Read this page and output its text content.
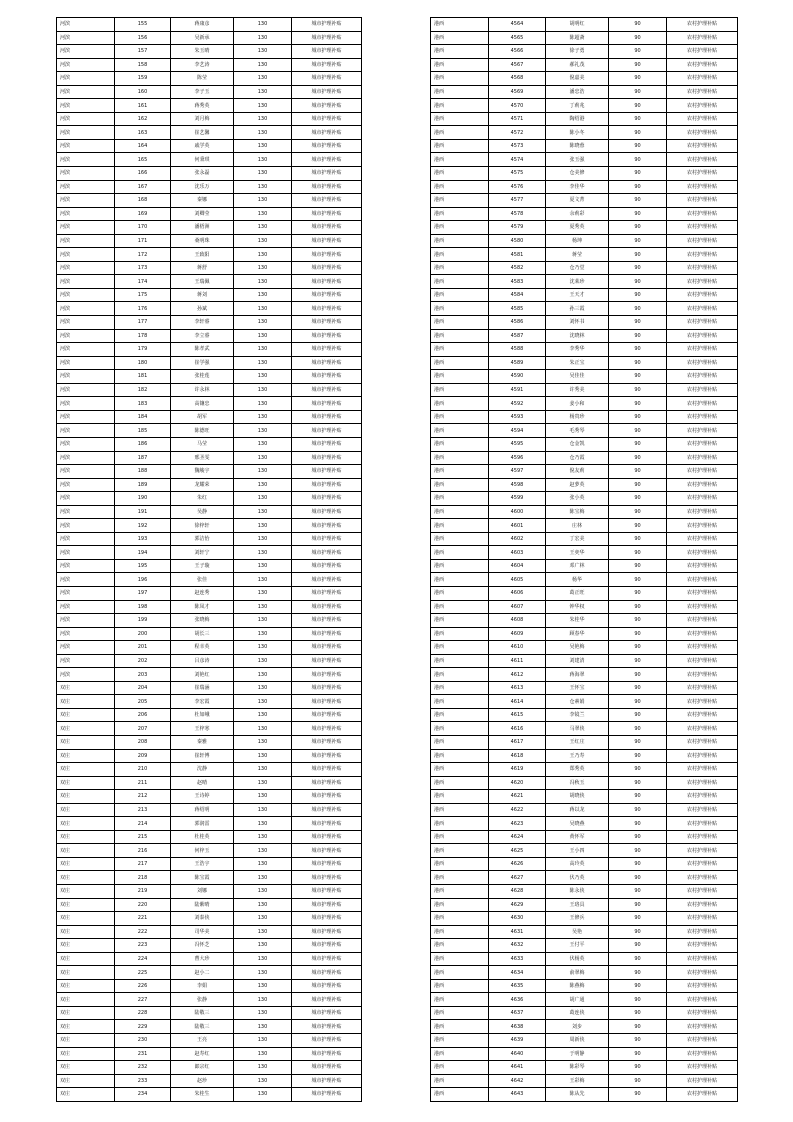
河滨	155	蒋康彦	130	城市护理补贴
河滨	156	吴新承	130	城市护理补贴
河滨	157	朱玉晴	130	城市护理补贴
河滨	158	李艺涛	130	城市护理补贴
河滨	159	陈莹	130	城市护理补贴
河滨	160	李子玉	130	城市护理补贴
河滨	161	蒋秀英	130	城市护理补贴
河滨	162	刘月梅	130	城市护理补贴
河滨	163	崔艺馨	130	城市护理补贴
河滨	164	戚学英	130	城市护理补贴
河滨	165	何秉琪	130	城市护理补贴
河滨	166	张永磊	130	城市护理补贴
河滨	167	沈乐万	130	城市护理补贴
河滨	168	秦娜	130	城市护理补贴
河滨	169	刘卿莹	130	城市护理补贴
河滨	170	潘梧洲	130	城市护理补贴
河滨	171	桑明珠	130	城市护理补贴
河滨	172	王致阳	130	城市护理补贴
河滨	173	蒋舒	130	城市护理补贴
河滨	174	王瑞佩	130	城市护理补贴
河滨	175	蒋刘	130	城市护理补贴
河滨	176	孙斌	130	城市护理补贴
河滨	177	李轩睿	130	城市护理补贴
河滨	178	李立睿	130	城市护理补贴
河滨	179	陈孝武	130	城市护理补贴
河滨	180	崔学强	130	城市护理补贴
河滨	181	张桂莲	130	城市护理补贴
河滨	182	许永林	130	城市护理补贴
河滨	183	高镶忠	130	城市护理补贴
河滨	184	胡军	130	城市护理补贴
河滨	185	陈德旺	130	城市护理补贴
河滨	186	马莹	130	城市护理补贴
河滨	187	邢圣雯	130	城市护理补贴
河滨	188	魏峻宇	130	城市护理补贴
河滨	189	龙耀荣	130	城市护理补贴
河滨	190	朱红	130	城市护理补贴
河滨	191	吴静	130	城市护理补贴
河滨	192	徐梓轩	130	城市护理补贴
河滨	193	郭洁怡	130	城市护理补贴
河滨	194	刘轩宁	130	城市护理补贴
河滨	195	王子璇	130	城市护理补贴
河滨	196	张佳	130	城市护理补贴
河滨	197	赵连秀	130	城市护理补贴
河滨	198	陈凤才	130	城市护理补贴
河滨	199	张晓梅	130	城市护理补贴
河滨	200	胡长三	130	城市护理补贴
河滨	201	程幸英	130	城市护理补贴
河滨	202	吕彦涛	130	城市护理补贴
河滨	203	刘艳红	130	城市护理补贴
双庄	204	崔瑞涵	130	城市护理补贴
双庄	205	李宏霞	130	城市护理补贴
双庄	206	杜如峨	130	城市护理补贴
双庄	207	王梓寒	130	城市护理补贴
双庄	208	秦雅	130	城市护理补贴
双庄	209	崔轩博	130	城市护理补贴
双庄	210	沈静	130	城市护理补贴
双庄	211	赵晴	130	城市护理补贴
双庄	212	王诗婷	130	城市护理补贴
双庄	213	蒋绍明	130	城市护理补贴
双庄	214	郭润雷	130	城市护理补贴
双庄	215	杜桂英	130	城市护理补贴
双庄	216	何梓玉	130	城市护理补贴
双庄	217	王浩宇	130	城市护理补贴
双庄	218	陈宝霞	130	城市护理补贴
双庄	219	刘娜	130	城市护理补贴
双庄	220	陆紫晴	130	城市护理补贴
双庄	221	刘泰侠	130	城市护理补贴
双庄	222	司华美	130	城市护理补贴
双庄	223	冯怀芝	130	城市护理补贴
双庄	224	曹大珍	130	城市护理补贴
双庄	225	赵小二	130	城市护理补贴
双庄	226	李娟	130	城市护理补贴
双庄	227	张静	130	城市护理补贴
双庄	228	陆敬三	130	城市护理补贴
双庄	229	陆敬三	130	城市护理补贴
双庄	230	王亮	130	城市护理补贴
双庄	231	赵寿红	130	城市护理补贴
双庄	232	郎宗红	130	城市护理补贴
双庄	233	赵珍	130	城市护理补贴
双庄	234	朱桂生	130	城市护理补贴
港西	4564	胡明红	90	农村护理补贴
港西	4565	陈超斋	90	农村护理补贴
港西	4566	徐子勇	90	农村护理补贴
港西	4567	郝礼茂	90	农村护理补贴
港西	4568	倪嘉美	90	农村护理补贴
港西	4569	潘忠浩	90	农村护理补贴
港西	4570	丁莉兆	90	农村护理补贴
港西	4571	陶绍港	90	农村护理补贴
港西	4572	陈小冬	90	农村护理补贴
港西	4573	陈晓蓉	90	农村护理补贴
港西	4574	张玉强	90	农村护理补贴
港西	4575	仓美修	90	农村护理补贴
港西	4576	李佳华	90	农村护理补贴
港西	4577	夏文菁	90	农村护理补贴
港西	4578	余莉彩	90	农村护理补贴
港西	4579	夏秀英	90	农村护理补贴
港西	4580	杨坤	90	农村护理补贴
港西	4581	蒋莹	90	农村护理补贴
港西	4582	仓乃堂	90	农村护理补贴
港西	4583	沈莱珍	90	农村护理补贴
港西	4584	王天才	90	农村护理补贴
港西	4585	孙三霞	90	农村护理补贴
港西	4586	刘怀书	90	农村护理补贴
港西	4587	沈晓林	90	农村护理补贴
港西	4588	李秀华	90	农村护理补贴
港西	4589	朱正宝	90	农村护理补贴
港西	4590	吴佳佳	90	农村护理补贴
港西	4591	许秀美	90	农村护理补贴
港西	4592	姜小和	90	农村护理补贴
港西	4593	杨贵珍	90	农村护理补贴
港西	4594	毛秀琴	90	农村护理补贴
港西	4595	仓金凯	90	农村护理补贴
港西	4596	仓乃霞	90	农村护理补贴
港西	4597	倪友莉	90	农村护理补贴
港西	4598	赵萝英	90	农村护理补贴
港西	4599	张小英	90	农村护理补贴
港西	4600	陈宝梅	90	农村护理补贴
港西	4601	庄林	90	农村护理补贴
港西	4602	丁宏美	90	农村护理补贴
港西	4603	王奕华	90	农村护理补贴
港西	4604	邓广林	90	农村护理补贴
港西	4605	杨华	90	农村护理补贴
港西	4606	葛正旺	90	农村护理补贴
港西	4607	钟华权	90	农村护理补贴
港西	4608	朱桂华	90	农村护理补贴
港西	4609	顾春华	90	农村护理补贴
港西	4610	吴艳梅	90	农村护理补贴
港西	4611	刘建清	90	农村护理补贴
港西	4612	蒋海翠	90	农村护理补贴
港西	4613	王怀宝	90	农村护理补贴
港西	4614	仓素娟	90	农村护理补贴
港西	4615	李镜兰	90	农村护理补贴
港西	4616	马翠侠	90	农村护理补贴
港西	4617	王红庄	90	农村护理补贴
港西	4618	王乃寿	90	农村护理补贴
港西	4619	郑秀英	90	农村护理补贴
港西	4620	冯秋玉	90	农村护理补贴
港西	4621	胡晓侠	90	农村护理补贴
港西	4622	蒋以龙	90	农村护理补贴
港西	4623	吴晓燕	90	农村护理补贴
港西	4624	黄怀军	90	农村护理补贴
港西	4625	王小四	90	农村护理补贴
港西	4626	高玲英	90	农村护理补贴
港西	4627	伏乃英	90	农村护理补贴
港西	4628	陈永侠	90	农村护理补贴
港西	4629	王珞具	90	农村护理补贴
港西	4630	王修兵	90	农村护理补贴
港西	4631	吴艳	90	农村护理补贴
港西	4632	王付平	90	农村护理补贴
港西	4633	伏杨英	90	农村护理补贴
港西	4634	俞翠梅	90	农村护理补贴
港西	4635	陈燕梅	90	农村护理补贴
港西	4636	胡广通	90	农村护理补贴
港西	4637	葛连侠	90	农村护理补贴
港西	4638	刘步	90	农村护理补贴
港西	4639	周新侠	90	农村护理补贴
港西	4640	于明静	90	农村护理补贴
港西	4641	陈彩琴	90	农村护理补贴
港西	4642	王彩梅	90	农村护理补贴
港西	4643	陈从先	90	农村护理补贴
